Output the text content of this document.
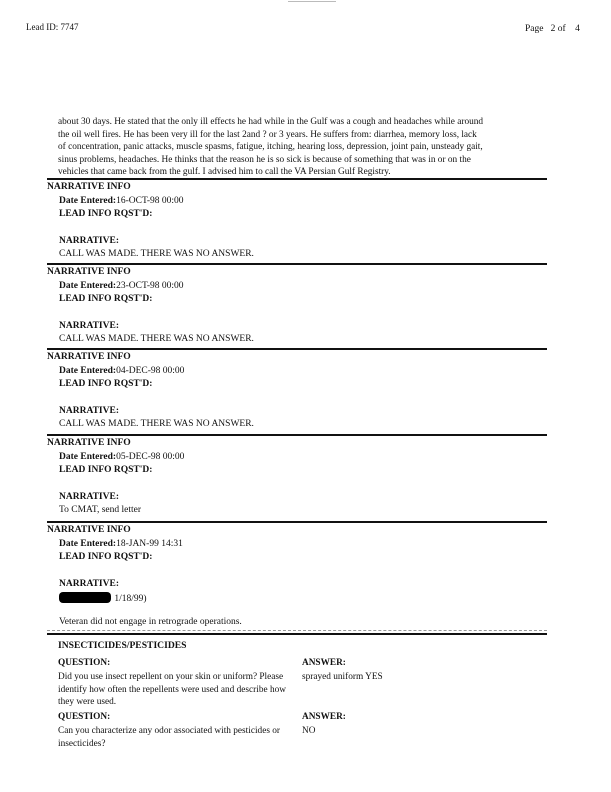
Lead ID: 7747	Page   2 of    4
about 30 days. He stated that the only ill effects he had while in the Gulf was a cough and headaches while around
the oil well fires. He has been very ill for the last 2and ? or 3 years. He suffers from: diarrhea, memory loss, lack
of concentration, panic attacks, muscle spasms, fatigue, itching, hearing loss, depression, joint pain, unsteady gait,
sinus problems, headaches. He thinks that the reason he is so sick is because of something that was in or on the
vehicles that came back from the gulf. I advised him to call the VA Persian Gulf Registry.
NARRATIVE INFO
Date Entered:16-OCT-98 00:00
LEAD INFO RQST'D:
NARRATIVE:
CALL WAS MADE. THERE WAS NO ANSWER.
NARRATIVE INFO
Date Entered:23-OCT-98 00:00
LEAD INFO RQST'D:
NARRATIVE:
CALL WAS MADE. THERE WAS NO ANSWER.
NARRATIVE INFO
Date Entered:04-DEC-98 00:00
LEAD INFO RQST'D:
NARRATIVE:
CALL WAS MADE. THERE WAS NO ANSWER.
NARRATIVE INFO
Date Entered:05-DEC-98 00:00
LEAD INFO RQST'D:
NARRATIVE:
To CMAT, send letter
NARRATIVE INFO
Date Entered:18-JAN-99 14:31
LEAD INFO RQST'D:
NARRATIVE:
1/18/99)
Veteran did not engage in retrograde operations.
INSECTICIDES/PESTICIDES
QUESTION:
Did you use insect repellent on your skin or uniform? Please identify how often the repellents were used and describe how they were used.
ANSWER:
sprayed uniform YES
QUESTION:
Can you characterize any odor associated with pesticides or insecticides?
ANSWER:
NO
